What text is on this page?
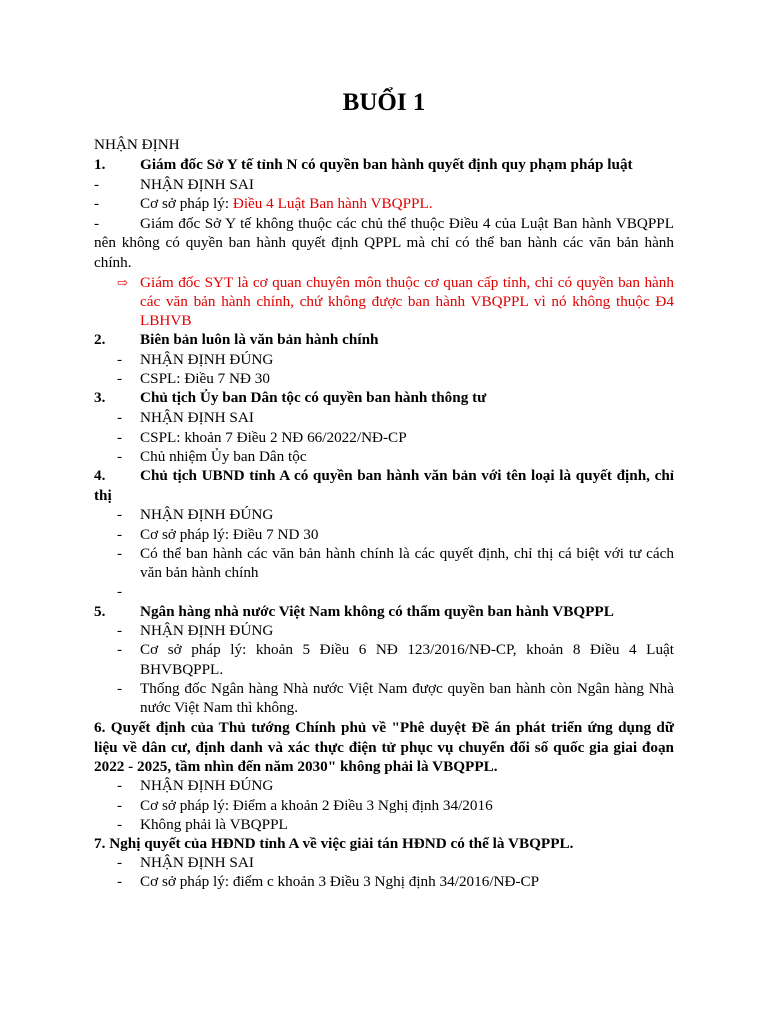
BUỔI 1
NHẬN ĐỊNH
1. Giám đốc Sở Y tế tỉnh N có quyền ban hành quyết định quy phạm pháp luật
-	NHẬN ĐỊNH SAI
-	Cơ sở pháp lý: Điều 4 Luật Ban hành VBQPPL.
-	Giám đốc Sở Y tế không thuộc các chủ thể thuộc Điều 4 của Luật Ban hành VBQPPL
nên không có quyền ban hành quyết định QPPL mà chỉ có thể ban hành các văn bản hành
chính.
⇨ Giám đốc SYT là cơ quan chuyên môn thuộc cơ quan cấp tỉnh, chỉ có quyền ban hành
các văn bản hành chính, chứ không được ban hành VBQPPL vì nó không thuộc Đ4
LBHVB
2. Biên bản luôn là văn bản hành chính
- NHẬN ĐỊNH ĐÚNG
- CSPL: Điều 7 NĐ 30
3. Chủ tịch Ủy ban Dân tộc có quyền ban hành thông tư
- NHẬN ĐỊNH SAI
- CSPL: khoản 7 Điều 2 NĐ 66/2022/NĐ-CP
- Chủ nhiệm Ủy ban Dân tộc
4. Chủ tịch UBND tỉnh A có quyền ban hành văn bản với tên loại là quyết định, chỉ
thị
- NHẬN ĐỊNH ĐÚNG
- Cơ sở pháp lý: Điều 7 ND 30
- Có thể ban hành các văn bản hành chính là các quyết định, chỉ thị cá biệt với tư cách
văn bản hành chính
-
5. Ngân hàng nhà nước Việt Nam không có thẩm quyền ban hành VBQPPL
- NHẬN ĐỊNH ĐÚNG
- Cơ sở pháp lý: khoản 5 Điều 6 NĐ 123/2016/NĐ-CP, khoản 8 Điều 4 Luật
BHVBQPPL.
- Thống đốc Ngân hàng Nhà nước Việt Nam được quyền ban hành còn Ngân hàng Nhà
nước Việt Nam thì không.
6. Quyết định của Thủ tướng Chính phủ về "Phê duyệt Đề án phát triển ứng dụng dữ
liệu về dân cư, định danh và xác thực điện tử phục vụ chuyển đổi số quốc gia giai đoạn
2022 - 2025, tầm nhìn đến năm 2030" không phải là VBQPPL.
- NHẬN ĐỊNH ĐÚNG
- Cơ sở pháp lý: Điểm a khoản 2 Điều 3 Nghị định 34/2016
- Không phải là VBQPPL
7. Nghị quyết của HĐND tỉnh A về việc giải tán HĐND có thể là VBQPPL.
- NHẬN ĐỊNH SAI
- Cơ sở pháp lý: điểm c khoản 3 Điều 3 Nghị định 34/2016/NĐ-CP
